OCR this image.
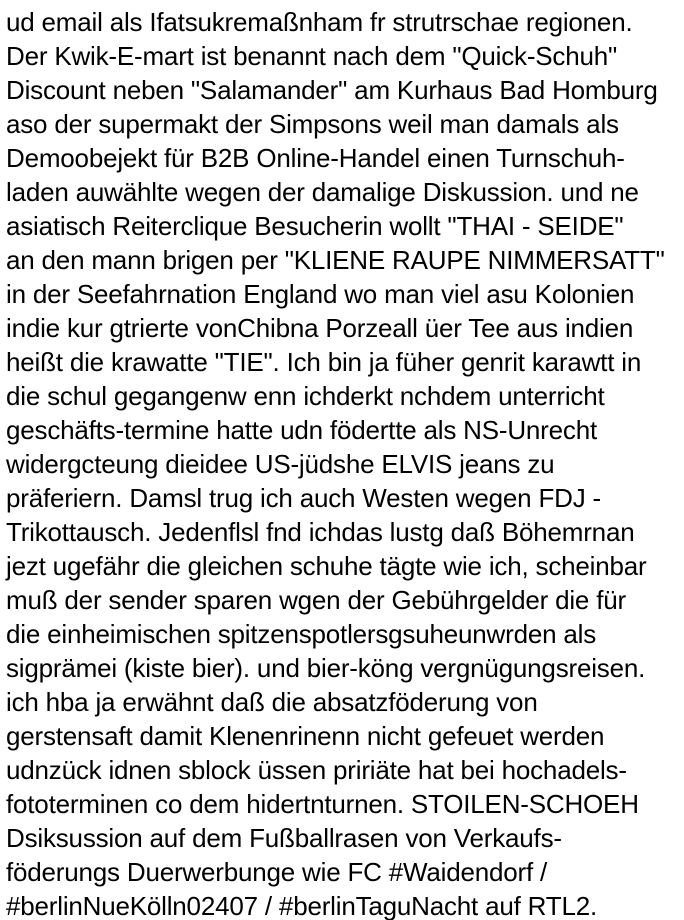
ud email als Ifatsukremaßnham fr strutrschae regionen.
Der Kwik-E-mart ist benannt nach dem "Quick-Schuh"
Discount neben "Salamander" am Kurhaus Bad Homburg
aso der supermakt der Simpsons weil man damals als
Demoobejekt für B2B Online-Handel einen Turnschuh-
laden auwählte wegen der damalige Diskussion. und ne
asiatisch Reiterclique Besucherin wollt "THAI - SEIDE"
an den mann brigen per "KLIENE RAUPE NIMMERSATT"
in der Seefahrnation England wo man viel asu Kolonien
indie kur gtrierte vonChibna Porzeall üer Tee aus indien
heißt die krawatte "TIE". Ich bin ja füher genrit karawtt in
die schul gegangenw enn ichderkt nchdem unterricht
geschäfts-termine hatte udn födertte als NS-Unrecht
widergcteung dieidee US-jüdshe ELVIS jeans zu
präferiern. Damsl trug ich auch Westen wegen FDJ -
Trikottausch. Jedenflsl fnd ichdas lustg daß Böhemrnan
jezt ugefähr die gleichen schuhe tägte wie ich, scheinbar
muß der sender sparen wgen der Gebührgelder die für
die einheimischen spitzenspotlersgsuheunwrden als
sigprämei (kiste bier). und bier-köng vergnügungsreisen.
ich hba ja erwähnt daß die absatzföderung von
gerstensaft damit Klenenrinenn nicht gefeuet werden
udnzück idnen sblock üssen pririäte hat bei hochadels-
fototerminen co dem hidertnturnen. STOILEN-SCHOEH
Dsiksussion auf dem Fußballrasen von Verkaufs-
föderungs Duerwerbunge wie FC #Waidendorf /
#berlinNueKölln02407 / #berlinTaguNacht auf RTL2.
